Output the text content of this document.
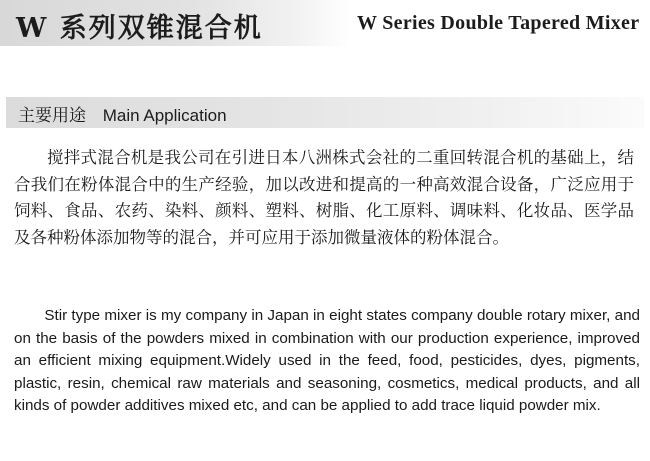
W 系列双锥混合机	W Series Double Tapered Mixer
主要用途 Main Application

搅拌式混合机是我公司在引进日本八洲株式会社的二重回转混合机的基础上，结合我们在粉体混合中的生产经验，加以改进和提高的一种高效混合设备，广泛应用于饲料、食品、农药、染料、颜料、塑料、树脂、化工原料、调味料、化妆品、医学品及各种粉体添加物等的混合，并可应用于添加微量液体的粉体混合。

Stir type mixer is my company in Japan in eight states company double rotary mixer, and on the basis of the powders mixed in combination with our production experience, improved an efficient mixing equipment.Widely used in the feed, food, pesticides, dyes, pigments, plastic, resin, chemical raw materials and seasoning, cosmetics, medical products, and all kinds of powder additives mixed etc, and can be applied to add trace liquid powder mix.
